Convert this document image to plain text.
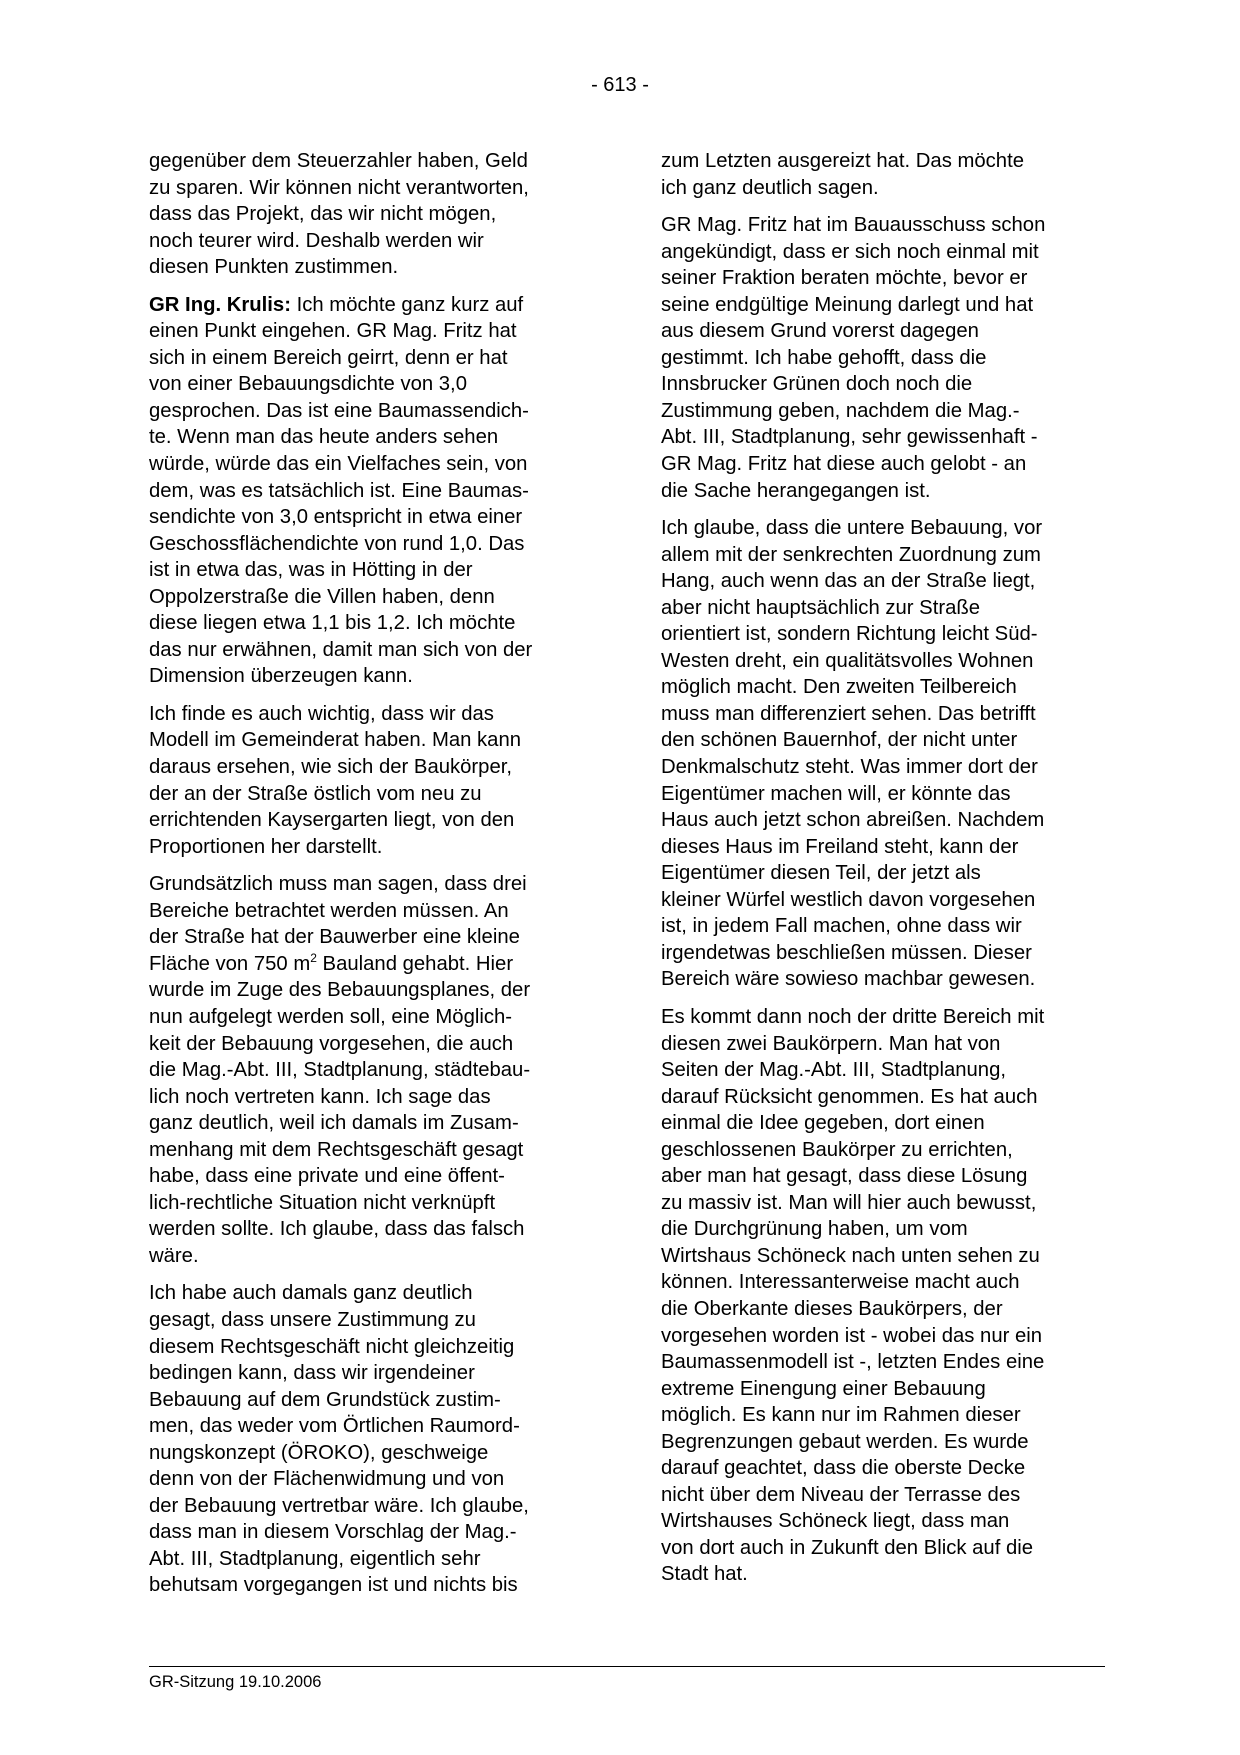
- 613 -
gegenüber dem Steuerzahler haben, Geld
zu sparen. Wir können nicht verantworten,
dass das Projekt, das wir nicht mögen,
noch teurer wird. Deshalb werden wir
diesen Punkten zustimmen.
GR Ing. Krulis: Ich möchte ganz kurz auf
einen Punkt eingehen. GR Mag. Fritz hat
sich in einem Bereich geirrt, denn er hat
von einer Bebauungsdichte von 3,0
gesprochen. Das ist eine Baumassendich-
te. Wenn man das heute anders sehen
würde, würde das ein Vielfaches sein, von
dem, was es tatsächlich ist. Eine Baumas-
sendichte von 3,0 entspricht in etwa einer
Geschossflächendichte von rund 1,0. Das
ist in etwa das, was in Hötting in der
Oppolzerstraße die Villen haben, denn
diese liegen etwa 1,1 bis 1,2. Ich möchte
das nur erwähnen, damit man sich von der
Dimension überzeugen kann.
Ich finde es auch wichtig, dass wir das
Modell im Gemeinderat haben. Man kann
daraus ersehen, wie sich der Baukörper,
der an der Straße östlich vom neu zu
errichtenden Kaysergarten liegt, von den
Proportionen her darstellt.
Grundsätzlich muss man sagen, dass drei
Bereiche betrachtet werden müssen. An
der Straße hat der Bauwerber eine kleine
Fläche von 750 $m^2$ Bauland gehabt. Hier
wurde im Zuge des Bebauungsplanes, der
nun aufgelegt werden soll, eine Möglich-
keit der Bebauung vorgesehen, die auch
die Mag.-Abt. III, Stadtplanung, städtebau-
lich noch vertreten kann. Ich sage das
ganz deutlich, weil ich damals im Zusam-
menhang mit dem Rechtsgeschäft gesagt
habe, dass eine private und eine öffent-
lich-rechtliche Situation nicht verknüpft
werden sollte. Ich glaube, dass das falsch
wäre.
Ich habe auch damals ganz deutlich
gesagt, dass unsere Zustimmung zu
diesem Rechtsgeschäft nicht gleichzeitig
bedingen kann, dass wir irgendeiner
Bebauung auf dem Grundstück zustim-
men, das weder vom Örtlichen Raumord-
nungskonzept (ÖROKO), geschweige
denn von der Flächenwidmung und von
der Bebauung vertretbar wäre. Ich glaube,
dass man in diesem Vorschlag der Mag.-
Abt. III, Stadtplanung, eigentlich sehr
behutsam vorgegangen ist und nichts bis
zum Letzten ausgereizt hat. Das möchte
ich ganz deutlich sagen.
GR Mag. Fritz hat im Bauausschuss schon
angekündigt, dass er sich noch einmal mit
seiner Fraktion beraten möchte, bevor er
seine endgültige Meinung darlegt und hat
aus diesem Grund vorerst dagegen
gestimmt. Ich habe gehofft, dass die
Innsbrucker Grünen doch noch die
Zustimmung geben, nachdem die Mag.-
Abt. III, Stadtplanung, sehr gewissenhaft -
GR Mag. Fritz hat diese auch gelobt - an
die Sache herangegangen ist.
Ich glaube, dass die untere Bebauung, vor
allem mit der senkrechten Zuordnung zum
Hang, auch wenn das an der Straße liegt,
aber nicht hauptsächlich zur Straße
orientiert ist, sondern Richtung leicht Süd-
Westen dreht, ein qualitätsvolles Wohnen
möglich macht. Den zweiten Teilbereich
muss man differenziert sehen. Das betrifft
den schönen Bauernhof, der nicht unter
Denkmalschutz steht. Was immer dort der
Eigentümer machen will, er könnte das
Haus auch jetzt schon abreißen. Nachdem
dieses Haus im Freiland steht, kann der
Eigentümer diesen Teil, der jetzt als
kleiner Würfel westlich davon vorgesehen
ist, in jedem Fall machen, ohne dass wir
irgendetwas beschließen müssen. Dieser
Bereich wäre sowieso machbar gewesen.
Es kommt dann noch der dritte Bereich mit
diesen zwei Baukörpern. Man hat von
Seiten der Mag.-Abt. III, Stadtplanung,
darauf Rücksicht genommen. Es hat auch
einmal die Idee gegeben, dort einen
geschlossenen Baukörper zu errichten,
aber man hat gesagt, dass diese Lösung
zu massiv ist. Man will hier auch bewusst,
die Durchgrünung haben, um vom
Wirtshaus Schöneck nach unten sehen zu
können. Interessanterweise macht auch
die Oberkante dieses Baukörpers, der
vorgesehen worden ist - wobei das nur ein
Baumassenmodell ist -, letzten Endes eine
extreme Einengung einer Bebauung
möglich. Es kann nur im Rahmen dieser
Begrenzungen gebaut werden. Es wurde
darauf geachtet, dass die oberste Decke
nicht über dem Niveau der Terrasse des
Wirtshauses Schöneck liegt, dass man
von dort auch in Zukunft den Blick auf die
Stadt hat.
GR-Sitzung 19.10.2006
